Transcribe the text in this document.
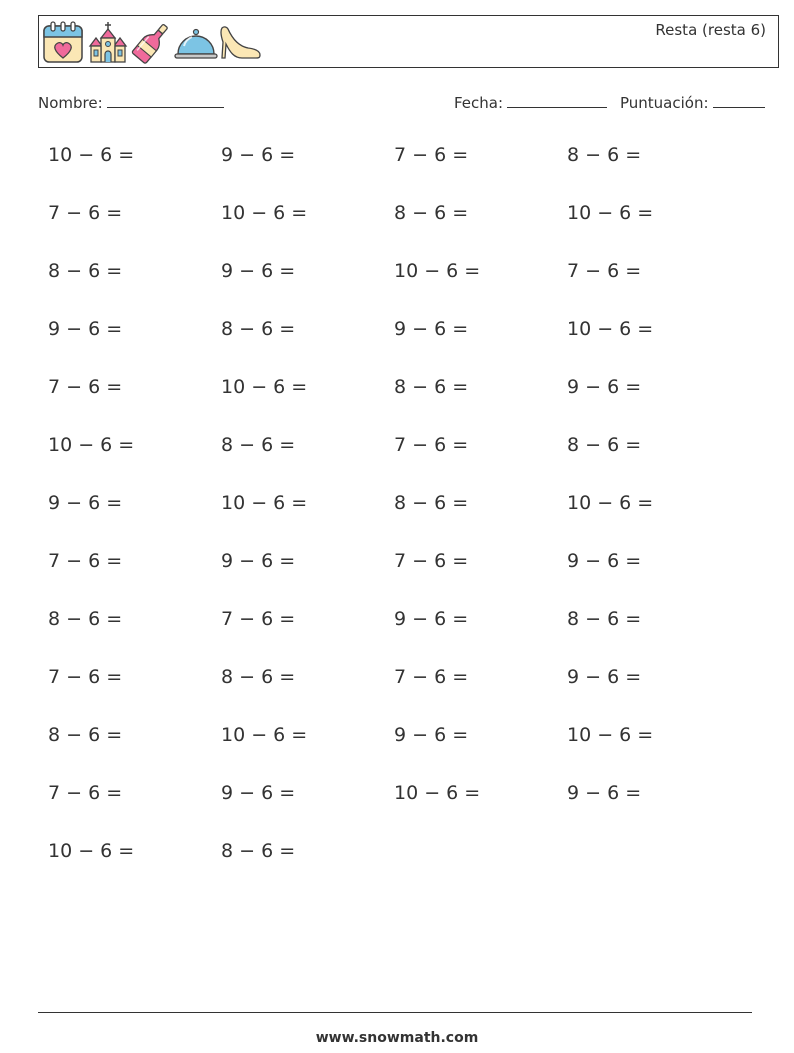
Resta (resta 6)
Nombre:	Fecha:	Puntuación:
10 − 6 =	9 − 6 =	7 − 6 =	8 − 6 =
7 − 6 =	10 − 6 =	8 − 6 =	10 − 6 =
8 − 6 =	9 − 6 =	10 − 6 =	7 − 6 =
9 − 6 =	8 − 6 =	9 − 6 =	10 − 6 =
7 − 6 =	10 − 6 =	8 − 6 =	9 − 6 =
10 − 6 =	8 − 6 =	7 − 6 =	8 − 6 =
9 − 6 =	10 − 6 =	8 − 6 =	10 − 6 =
7 − 6 =	9 − 6 =	7 − 6 =	9 − 6 =
8 − 6 =	7 − 6 =	9 − 6 =	8 − 6 =
7 − 6 =	8 − 6 =	7 − 6 =	9 − 6 =
8 − 6 =	10 − 6 =	9 − 6 =	10 − 6 =
7 − 6 =	9 − 6 =	10 − 6 =	9 − 6 =
10 − 6 =	8 − 6 =
www.snowmath.com
